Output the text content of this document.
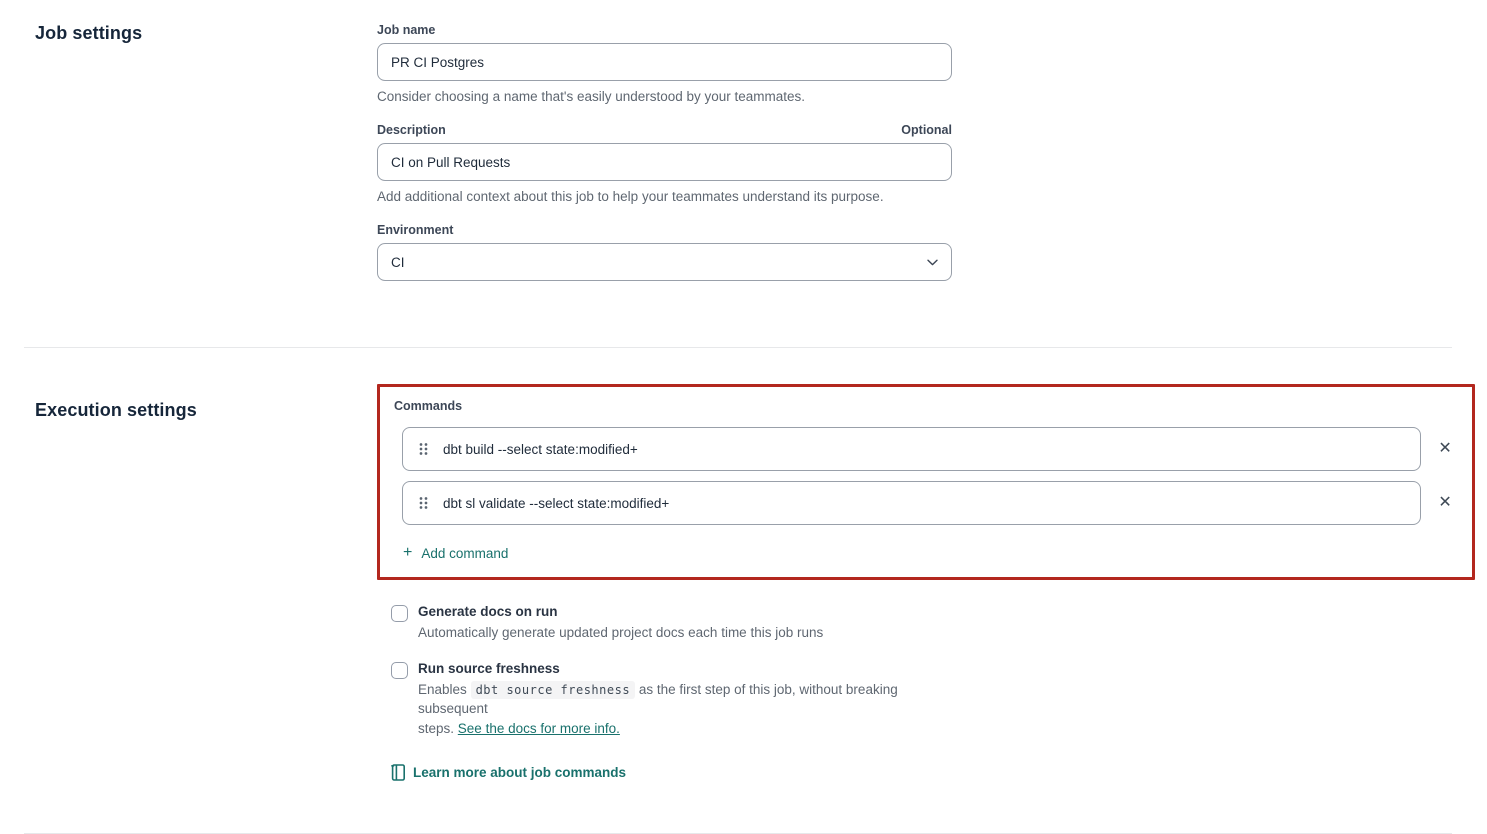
Job settings	Job name
PR CI Postgres
Consider choosing a name that's easily understood by your teammates.
Description	Optional
CI on Pull Requests
Add additional context about this job to help your teammates understand its purpose.
Environment
CI
Execution settings	Commands
dbt build --select state:modified+
✕
dbt sl validate --select state:modified+
✕
+ Add command
Generate docs on run
Automatically generate updated project docs each time this job runs
Run source freshness
Enables dbt source freshness as the first step of this job, without breaking subsequent
steps. See the docs for more info.
Learn more about job commands
